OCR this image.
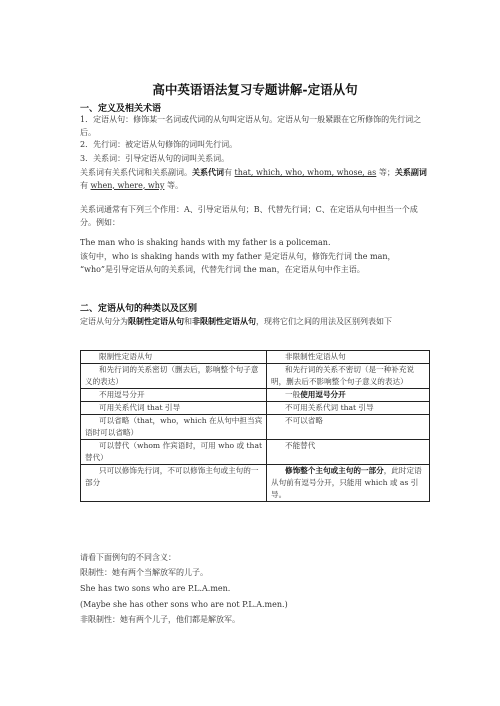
高中英语语法复习专题讲解-定语从句
一、定义及相关术语
1．定语从句：修饰某一名词或代词的从句叫定语从句。定语从句一般紧跟在它所修饰的先行词之后。
2．先行词：被定语从句修饰的词叫先行词。
3．关系词：引导定语从句的词叫关系词。
关系词有关系代词和关系副词。关系代词有 that, which, who, whom, whose, as 等；关系副词有 when, where, why 等。
关系词通常有下列三个作用：A、引导定语从句；B、代替先行词；C、在定语从句中担当一个成分。例如：
The man who is shaking hands with my father is a policeman.
该句中，who is shaking hands with my father 是定语从句，修饰先行词 the man， “who”是引导定语从句的关系词，代替先行词 the man，在定语从句中作主语。
二、定语从句的种类以及区别
定语从句分为限制性定语从句和非限制性定语从句，现将它们之间的用法及区别列表如下
限制性定语从句	非限制性定语从句
和先行词的关系密切（删去后，影响整个句子意义的表达）	和先行词的关系不密切（是一种补充说明，删去后不影响整个句子意义的表达）
不用逗号分开	一般使用逗号分开
可用关系代词 that 引导	不可用关系代词 that 引导
可以省略（that，who，which 在从句中担当宾语时可以省略）	不可以省略
可以替代（whom 作宾语时，可用 who 或 that 替代）	不能替代
只可以修饰先行词，不可以修饰主句或主句的一部分	修饰整个主句或主句的一部分，此时定语从句前有逗号分开，只能用 which 或 as 引导。
请看下面例句的不同含义：
限制性：她有两个当解放军的儿子。
She has two sons who are P.L.A.men.
(Maybe she has other sons who are not P.L.A.men.)
非限制性：她有两个儿子，他们都是解放军。
